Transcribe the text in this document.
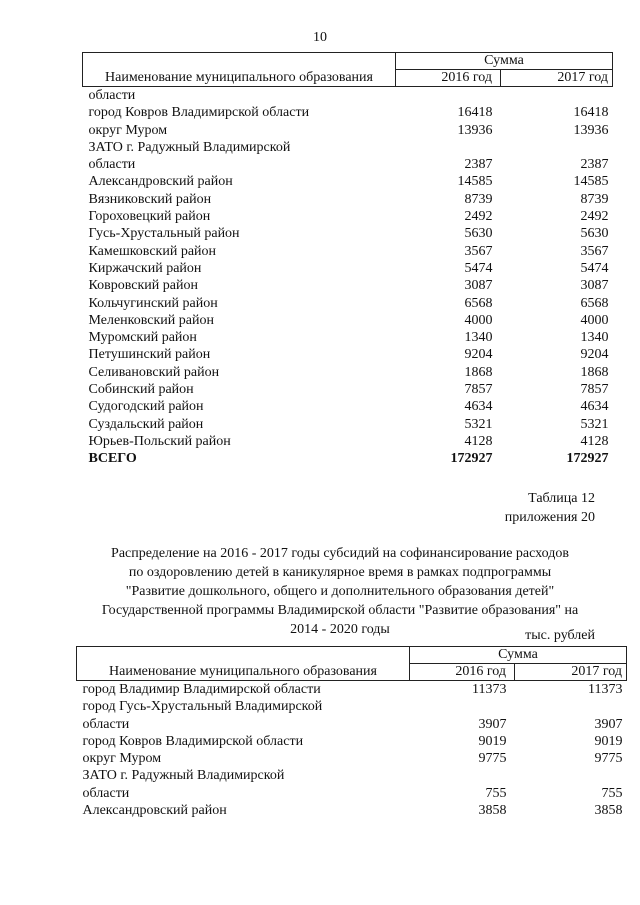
10
Наименование муниципального образования	Сумма	
	2016 год	2017 год
области		
город Ковров Владимирской области	16418	16418
округ Муром	13936	13936
ЗАТО г. Радужный Владимирской		
области	2387	2387
Александровский район	14585	14585
Вязниковский район	8739	8739
Гороховецкий район	2492	2492
Гусь-Хрустальный район	5630	5630
Камешковский район	3567	3567
Киржачский район	5474	5474
Ковровский район	3087	3087
Кольчугинский район	6568	6568
Меленковский район	4000	4000
Муромский район	1340	1340
Петушинский район	9204	9204
Селивановский район	1868	1868
Собинский район	7857	7857
Судогодский район	4634	4634
Суздальский район	5321	5321
Юрьев-Польский район	4128	4128
ВСЕГО	172927	172927
Таблица 12
приложения 20
Распределение на 2016 - 2017 годы субсидий на софинансирование расходов
по оздоровлению детей в каникулярное время в рамках подпрограммы
"Развитие дошкольного, общего и дополнительного образования детей"
Государственной программы Владимирской области "Развитие образования" на
2014 - 2020 годы	тыс. рублей
Наименование муниципального образования	Сумма	
	2016 год	2017 год
город Владимир Владимирской области	11373	11373
город Гусь-Хрустальный Владимирской		
области	3907	3907
город Ковров Владимирской области	9019	9019
округ Муром	9775	9775
ЗАТО г. Радужный Владимирской		
области	755	755
Александровский район	3858	3858
